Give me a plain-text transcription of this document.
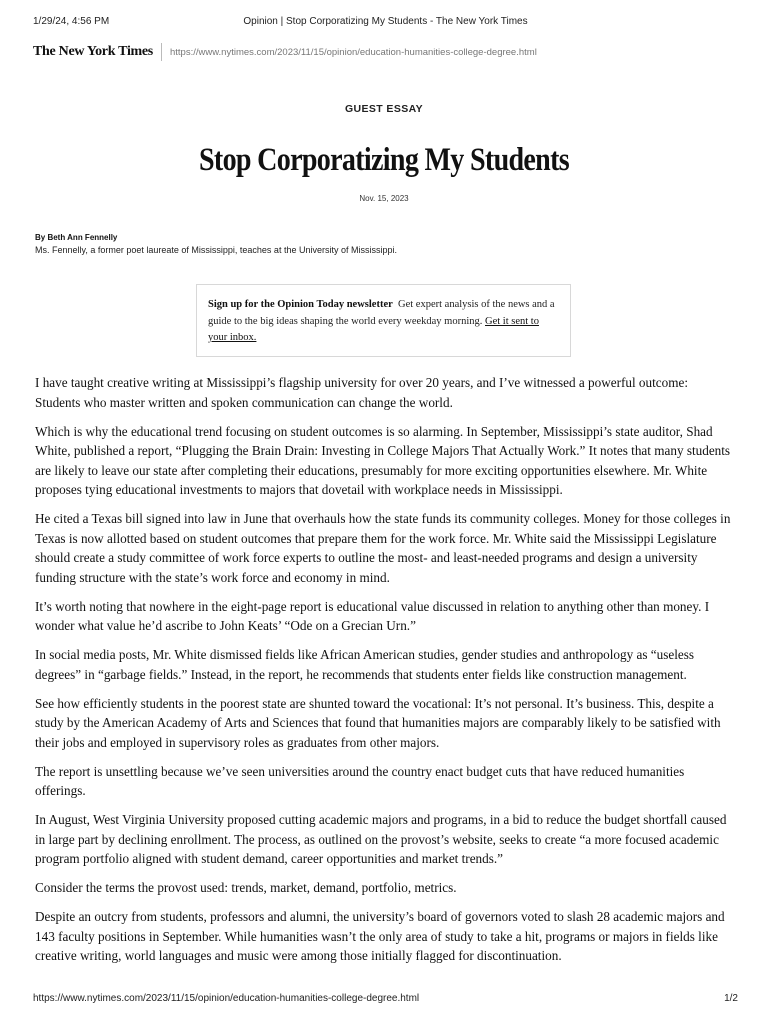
1/29/24, 4:56 PM	Opinion | Stop Corporatizing My Students - The New York Times
The New York Times	https://www.nytimes.com/2023/11/15/opinion/education-humanities-college-degree.html
GUEST ESSAY
Stop Corporatizing My Students
Nov. 15, 2023
By Beth Ann Fennelly
Ms. Fennelly, a former poet laureate of Mississippi, teaches at the University of Mississippi.
Sign up for the Opinion Today newsletter Get expert analysis of the news and a guide to the big ideas shaping the world every weekday morning. Get it sent to your inbox.

I have taught creative writing at Mississippi’s flagship university for over 20 years, and I’ve witnessed a powerful outcome: Students who master written and spoken communication can change the world.

Which is why the educational trend focusing on student outcomes is so alarming. In September, Mississippi’s state auditor, Shad White, published a report, “Plugging the Brain Drain: Investing in College Majors That Actually Work.” It notes that many students are likely to leave our state after completing their educations, presumably for more exciting opportunities elsewhere. Mr. White proposes tying educational investments to majors that dovetail with workplace needs in Mississippi.

He cited a Texas bill signed into law in June that overhauls how the state funds its community colleges. Money for those colleges in Texas is now allotted based on student outcomes that prepare them for the work force. Mr. White said the Mississippi Legislature should create a study committee of work force experts to outline the most- and least-needed programs and design a university funding structure with the state’s work force and economy in mind.

It’s worth noting that nowhere in the eight-page report is educational value discussed in relation to anything other than money. I wonder what value he’d ascribe to John Keats’ “Ode on a Grecian Urn.”

In social media posts, Mr. White dismissed fields like African American studies, gender studies and anthropology as “useless degrees” in “garbage fields.” Instead, in the report, he recommends that students enter fields like construction management.

See how efficiently students in the poorest state are shunted toward the vocational: It’s not personal. It’s business. This, despite a study by the American Academy of Arts and Sciences that found that humanities majors are comparably likely to be satisfied with their jobs and employed in supervisory roles as graduates from other majors.

The report is unsettling because we’ve seen universities around the country enact budget cuts that have reduced humanities offerings.

In August, West Virginia University proposed cutting academic majors and programs, in a bid to reduce the budget shortfall caused in large part by declining enrollment. The process, as outlined on the provost’s website, seeks to create “a more focused academic program portfolio aligned with student demand, career opportunities and market trends.”

Consider the terms the provost used: trends, market, demand, portfolio, metrics.

Despite an outcry from students, professors and alumni, the university’s board of governors voted to slash 28 academic majors and 143 faculty positions in September. While humanities wasn’t the only area of study to take a hit, programs or majors in fields like creative writing, world languages and music were among those initially flagged for discontinuation.

https://www.nytimes.com/2023/11/15/opinion/education-humanities-college-degree.html	1/2
